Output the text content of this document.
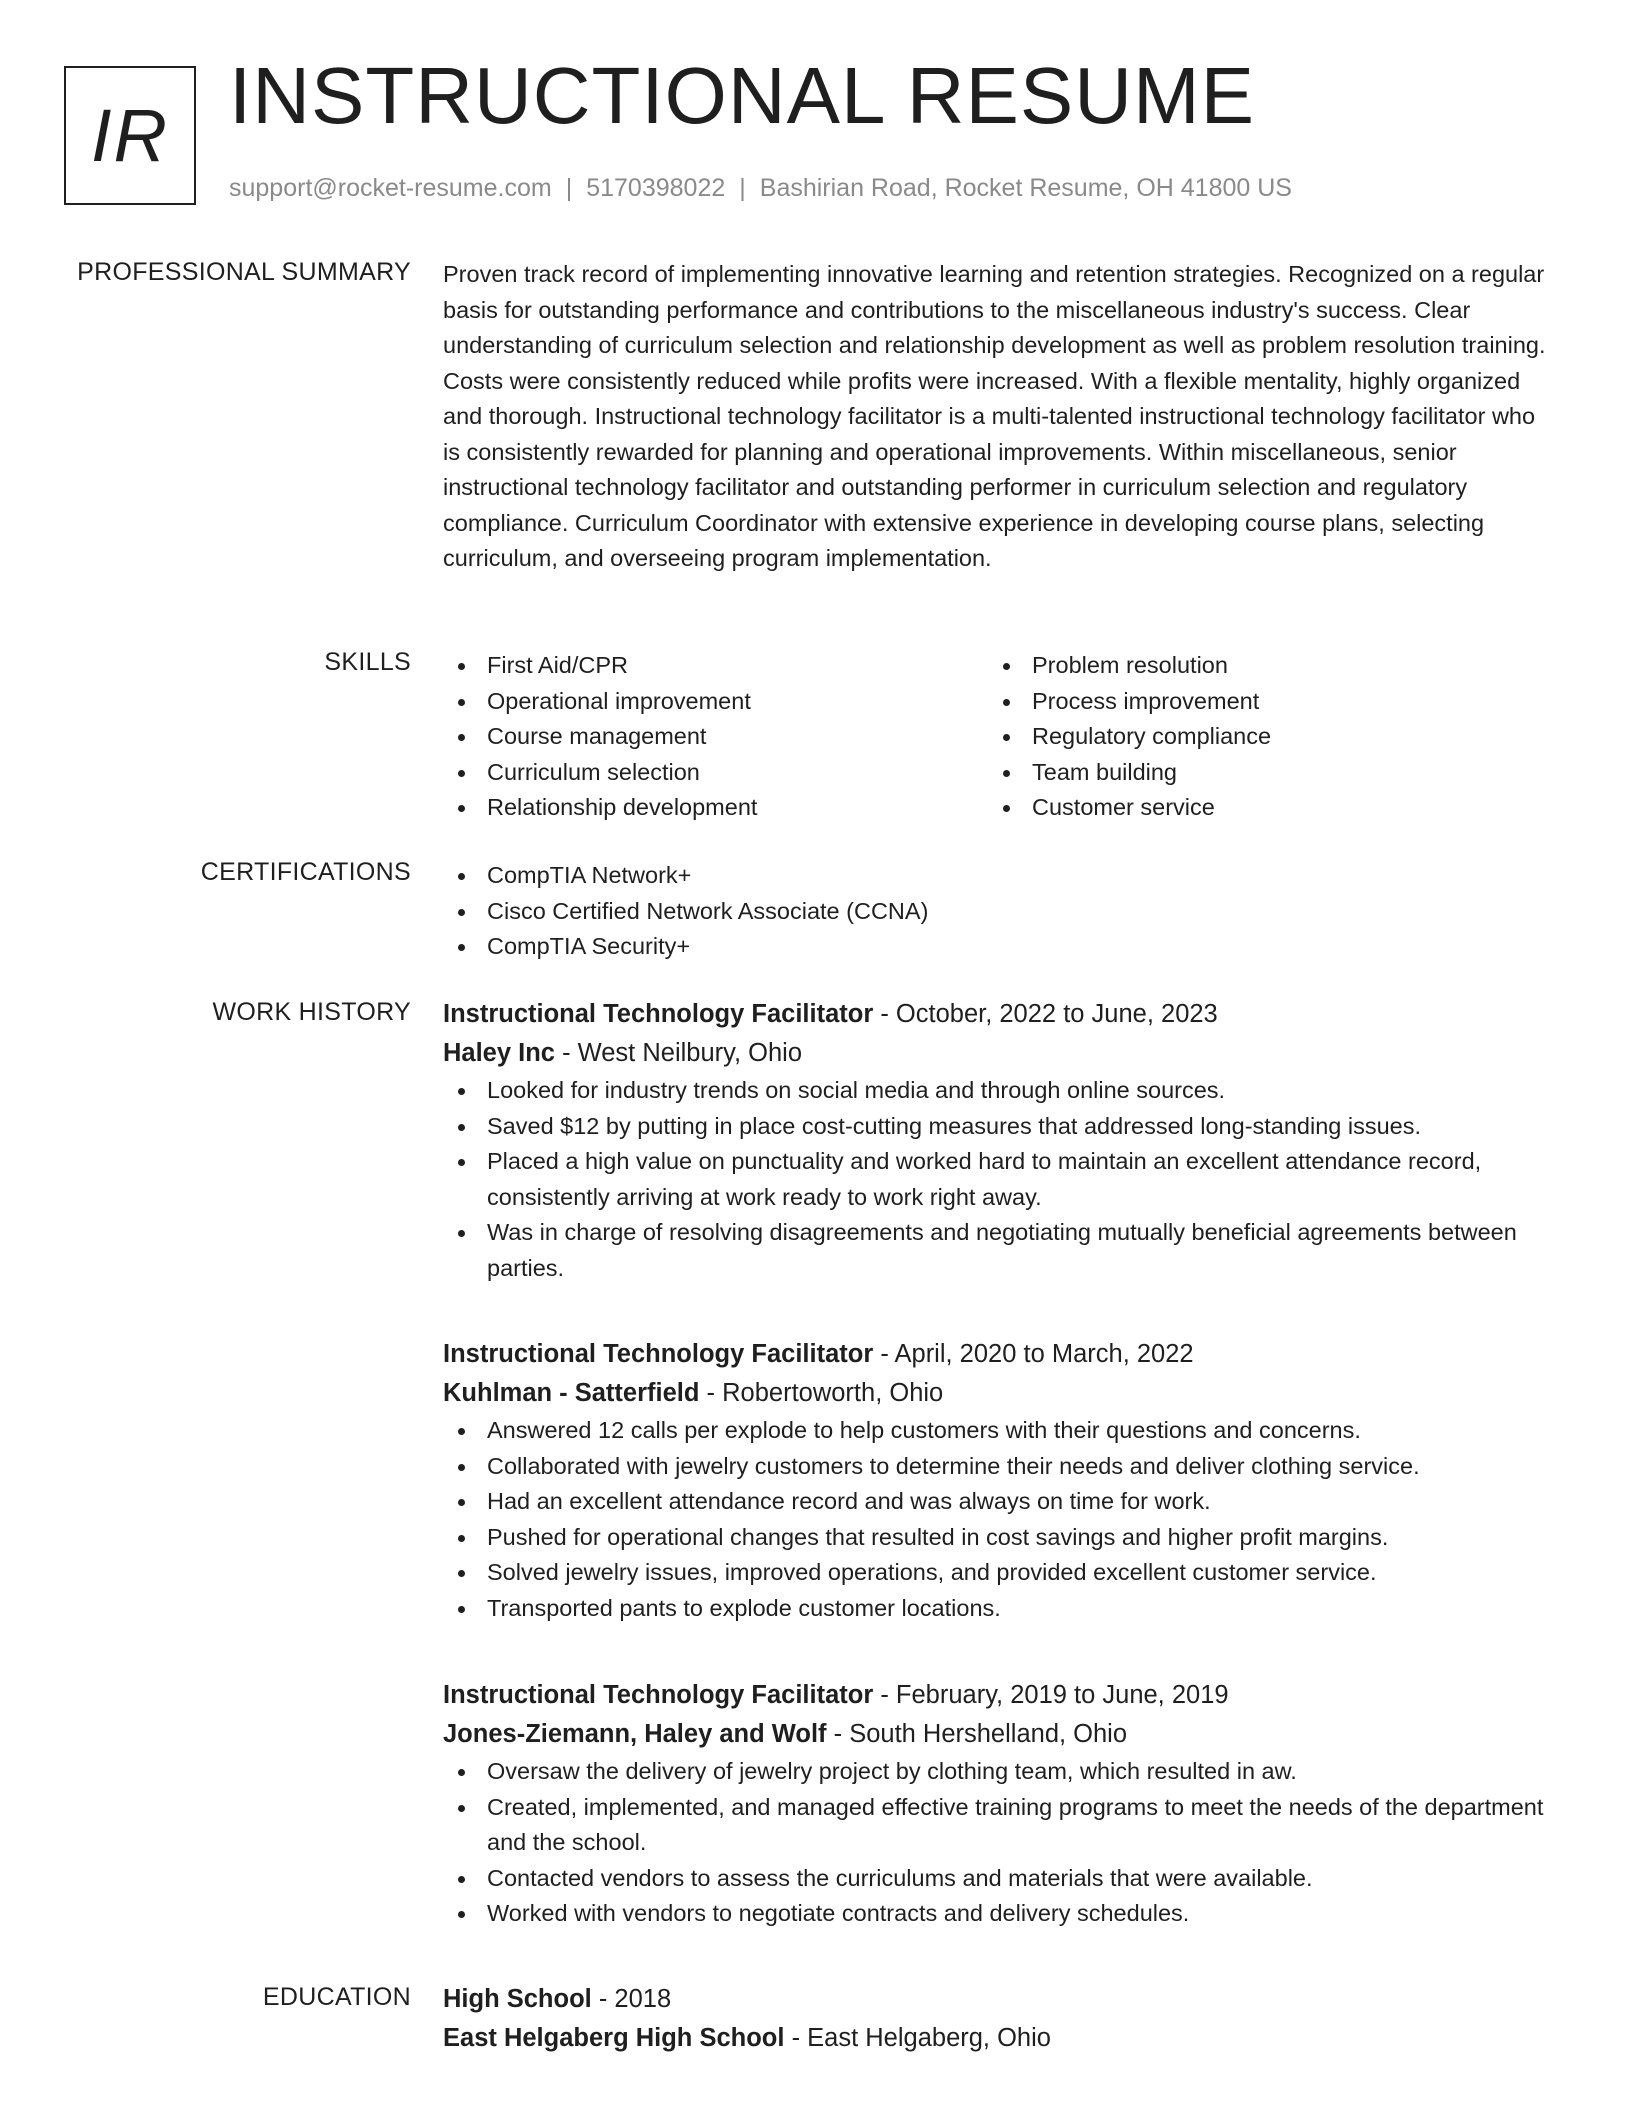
IR INSTRUCTIONAL RESUME
support@rocket-resume.com | 5170398022 | Bashirian Road, Rocket Resume, OH 41800 US
PROFESSIONAL SUMMARY Proven track record of implementing innovative learning and retention strategies. Recognized on a regular basis for outstanding performance and contributions to the miscellaneous industry's success. Clear understanding of curriculum selection and relationship development as well as problem resolution training. Costs were consistently reduced while profits were increased. With a flexible mentality, highly organized and thorough. Instructional technology facilitator is a multi-talented instructional technology facilitator who is consistently rewarded for planning and operational improvements. Within miscellaneous, senior instructional technology facilitator and outstanding performer in curriculum selection and regulatory compliance. Curriculum Coordinator with extensive experience in developing course plans, selecting curriculum, and overseeing program implementation.

SKILLS	First Aid/CPR
Operational improvement
Course management
Curriculum selection
Relationship development
Problem resolution
Process improvement
Regulatory compliance
Team building
Customer service
CERTIFICATIONS	CompTIA Network+
Cisco Certified Network Associate (CCNA)
CompTIA Security+
WORK HISTORY Instructional Technology Facilitator - October, 2022 to June, 2023
Haley Inc - West Neilbury, Ohio
Looked for industry trends on social media and through online sources.
Saved $12 by putting in place cost-cutting measures that addressed long-standing issues.
Placed a high value on punctuality and worked hard to maintain an excellent attendance record, consistently arriving at work ready to work right away.
Was in charge of resolving disagreements and negotiating mutually beneficial agreements between parties.
Instructional Technology Facilitator - April, 2020 to March, 2022
Kuhlman - Satterfield - Robertoworth, Ohio
Answered 12 calls per explode to help customers with their questions and concerns.
Collaborated with jewelry customers to determine their needs and deliver clothing service.
Had an excellent attendance record and was always on time for work.
Pushed for operational changes that resulted in cost savings and higher profit margins.
Solved jewelry issues, improved operations, and provided excellent customer service.
Transported pants to explode customer locations.
Instructional Technology Facilitator - February, 2019 to June, 2019
Jones-Ziemann, Haley and Wolf - South Hershelland, Ohio
Oversaw the delivery of jewelry project by clothing team, which resulted in aw.
Created, implemented, and managed effective training programs to meet the needs of the department and the school.
Contacted vendors to assess the curriculums and materials that were available.
Worked with vendors to negotiate contracts and delivery schedules.
EDUCATION High School - 2018
East Helgaberg High School - East Helgaberg, Ohio
